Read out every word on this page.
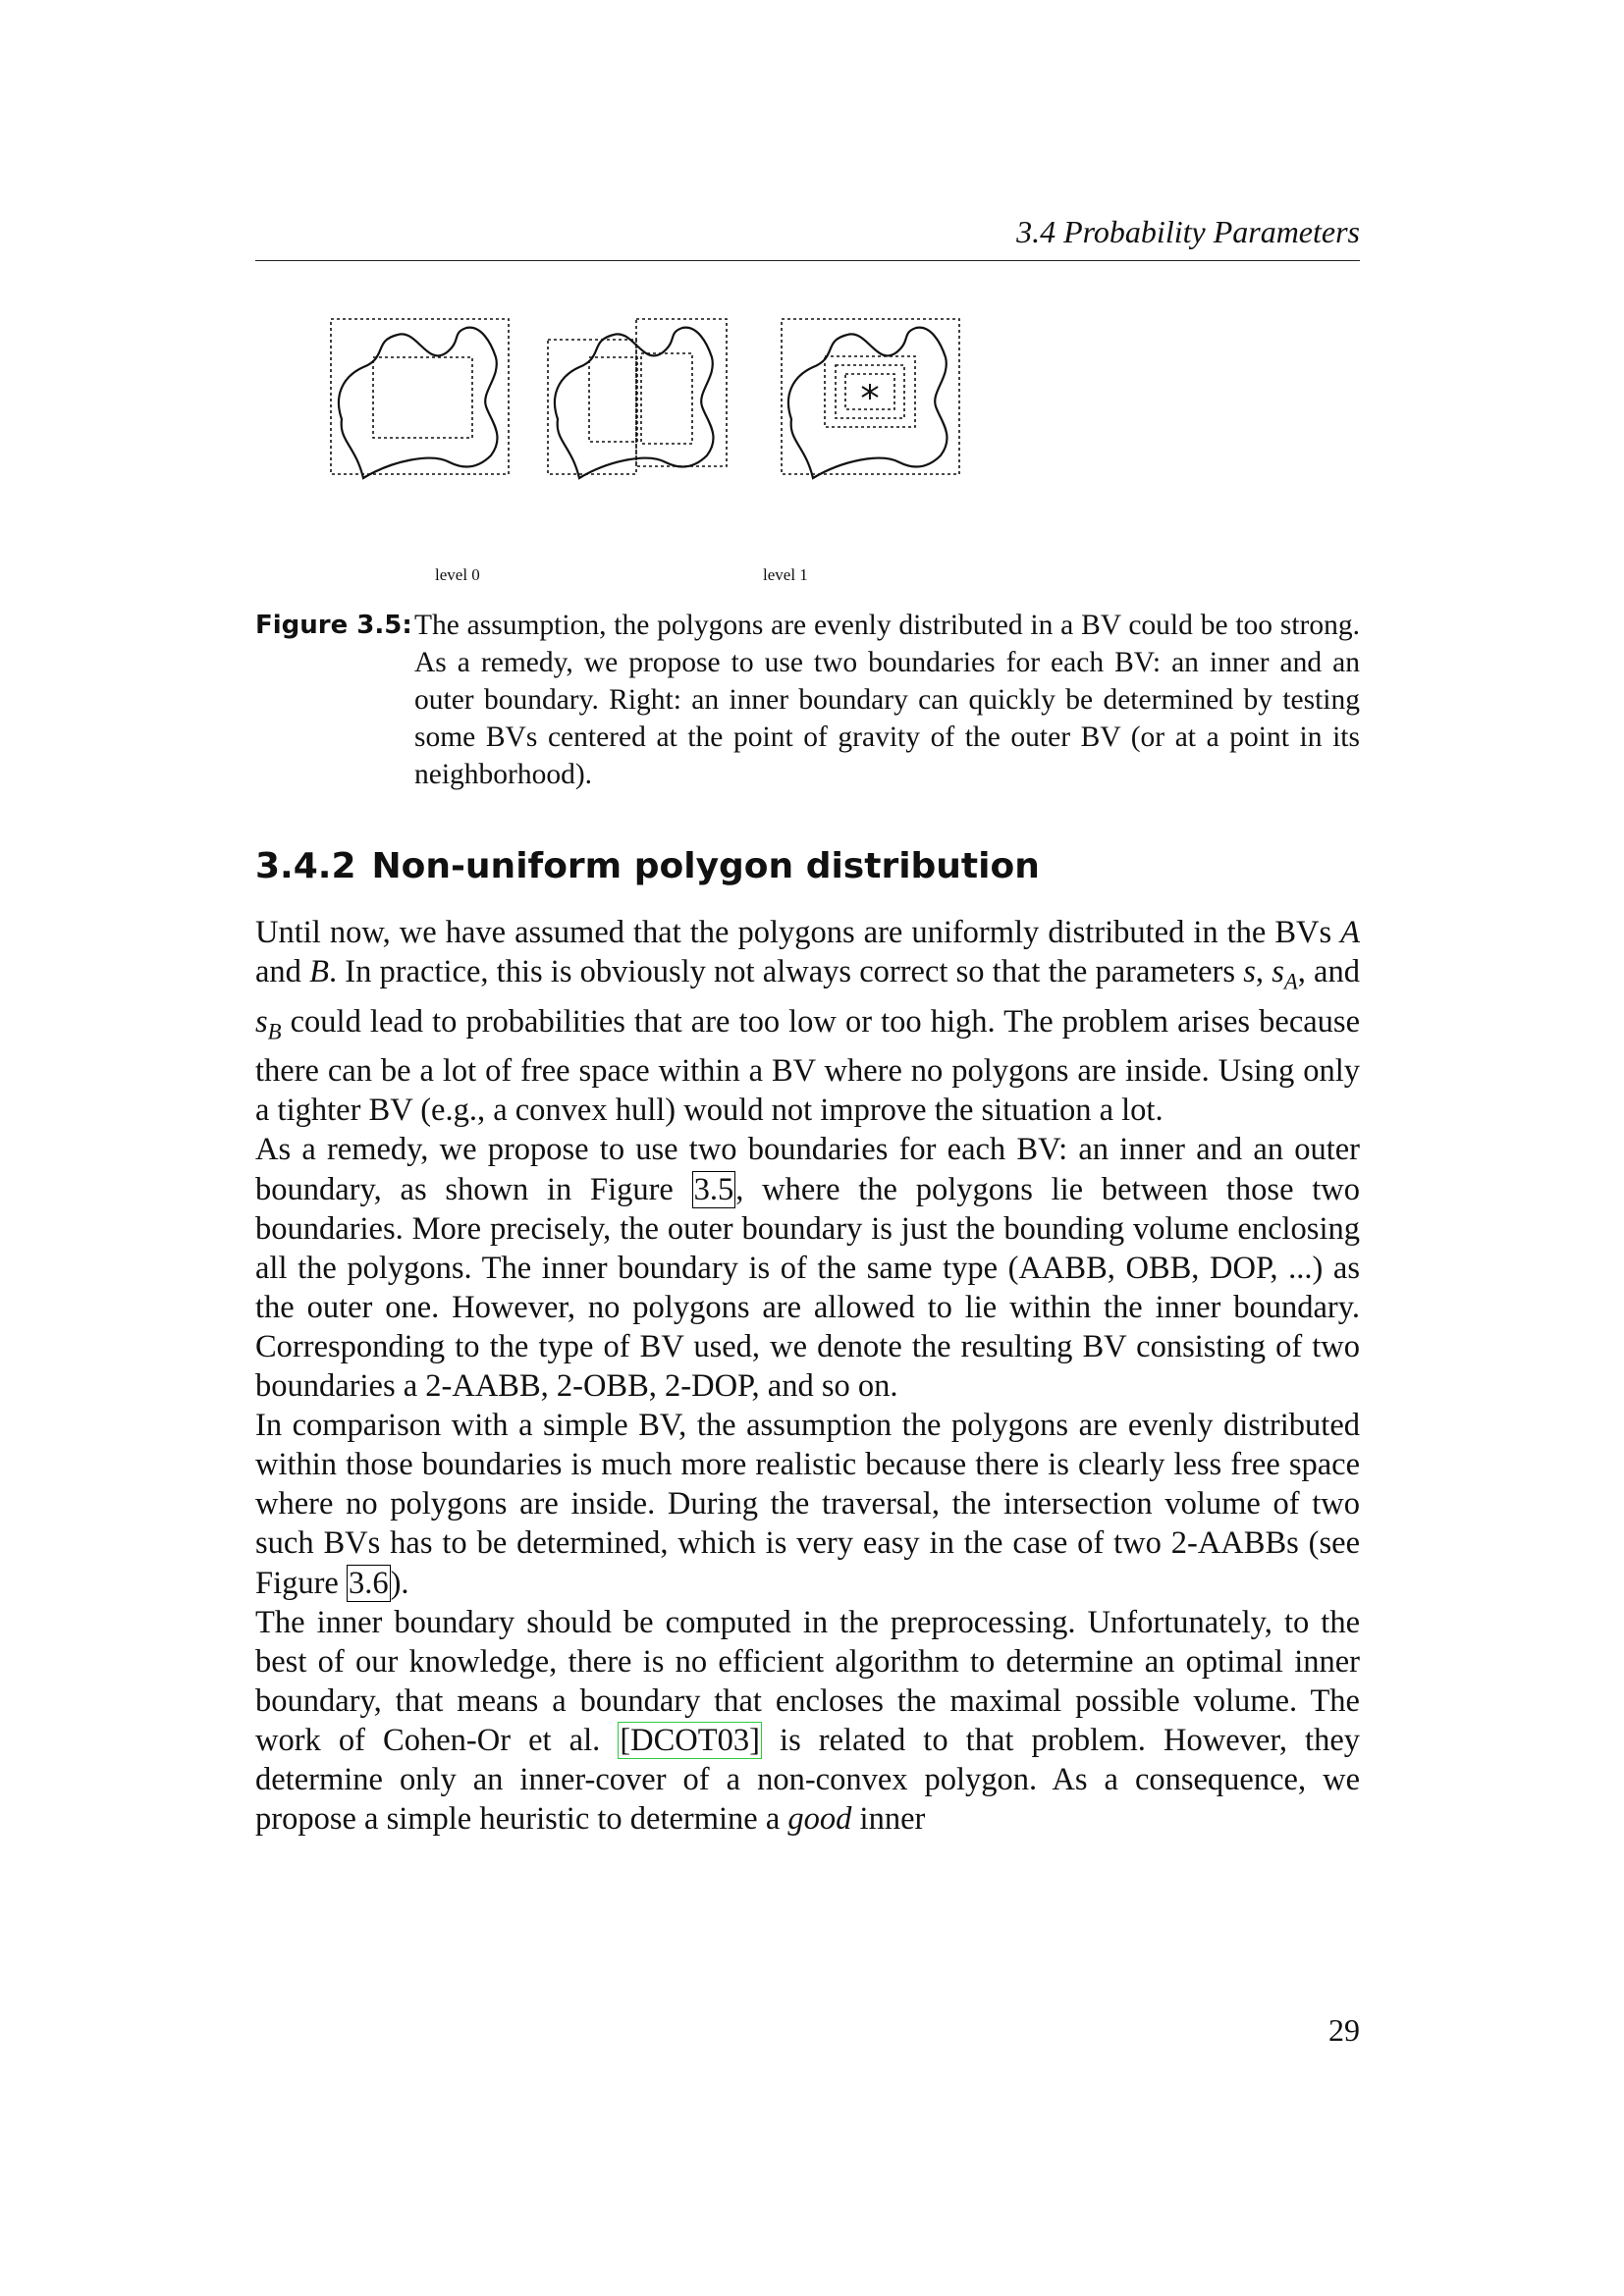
3.4 Probability Parameters
level 0	level 1
Figure 3.5: The assumption, the polygons are evenly distributed in a BV could be too strong. As a remedy, we propose to use two boundaries for each BV: an inner and an outer boundary. Right: an inner boundary can quickly be determined by testing some BVs centered at the point of gravity of the outer BV (or at a point in its neighborhood).
3.4.2 Non-uniform polygon distribution

Until now, we have assumed that the polygons are uniformly distributed in the BVs A and B. In practice, this is obviously not always correct so that the parameters s, $s_A$, and $s_B$ could lead to probabilities that are too low or too high. The problem arises because there can be a lot of free space within a BV where no polygons are inside. Using only a tighter BV (e.g., a convex hull) would not improve the situation a lot.

As a remedy, we propose to use two boundaries for each BV: an inner and an outer boundary, as shown in Figure 3.5, where the polygons lie between those two boundaries. More precisely, the outer boundary is just the bounding volume enclosing all the polygons. The inner boundary is of the same type (AABB, OBB, DOP, ...) as the outer one. However, no polygons are allowed to lie within the inner boundary. Corresponding to the type of BV used, we denote the resulting BV consisting of two boundaries a 2-AABB, 2-OBB, 2-DOP, and so on.

In comparison with a simple BV, the assumption the polygons are evenly distributed within those boundaries is much more realistic because there is clearly less free space where no polygons are inside. During the traversal, the intersection volume of two such BVs has to be determined, which is very easy in the case of two 2-AABBs (see Figure 3.6).

The inner boundary should be computed in the preprocessing. Unfortunately, to the best of our knowledge, there is no efficient algorithm to determine an optimal inner boundary, that means a boundary that encloses the maximal possible volume. The work of Cohen-Or et al. [DCOT03] is related to that problem. However, they determine only an inner-cover of a non-convex polygon. As a consequence, we propose a simple heuristic to determine a good inner

29
